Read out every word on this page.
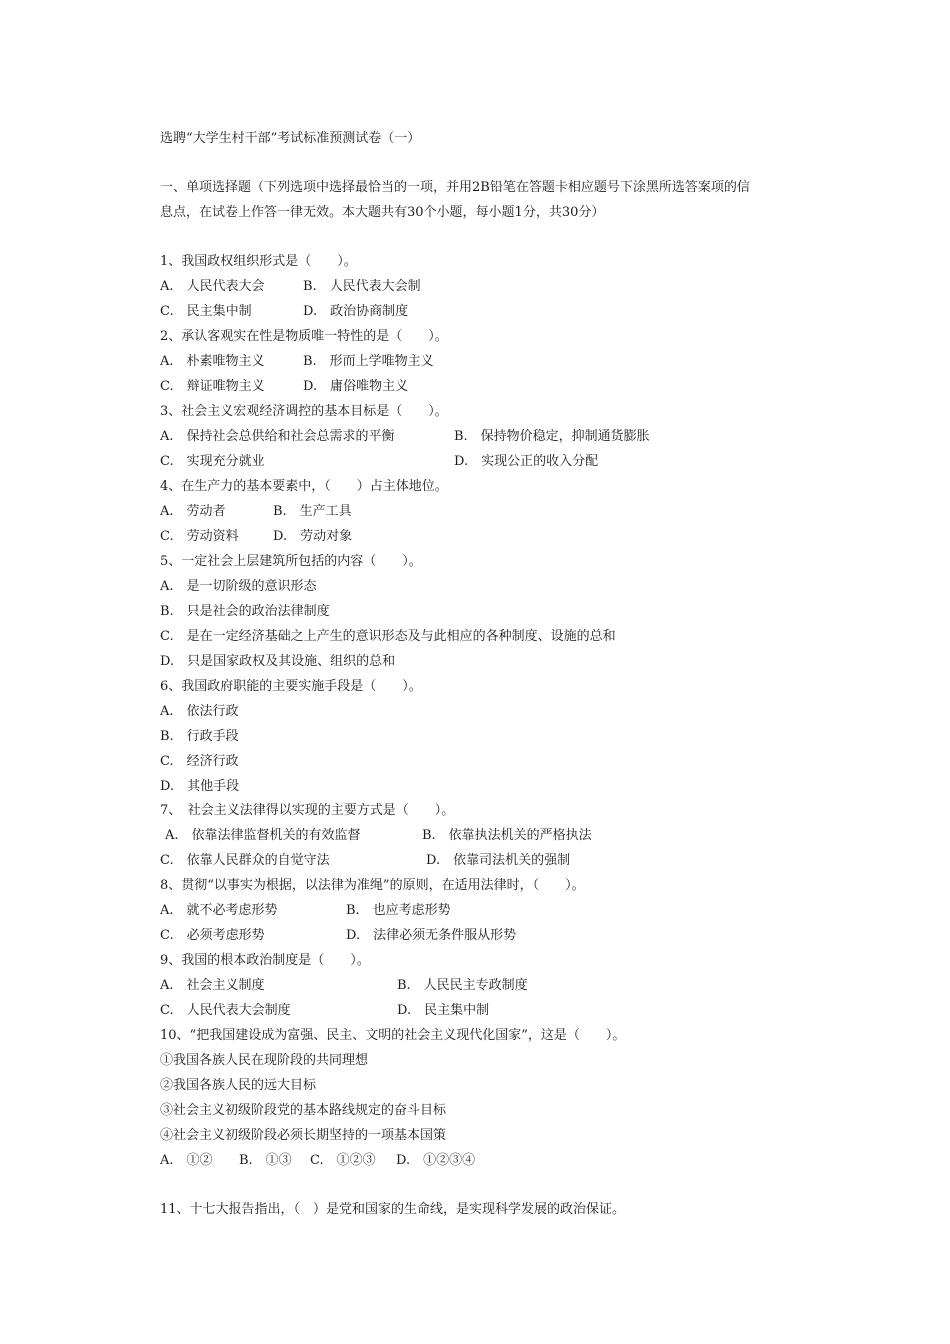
选聘“大学生村干部”考试标准预测试卷（一）
一、单项选择题（下列选项中选择最恰当的一项，并用2B铅笔在答题卡相应题号下涂黑所选答案项的信
息点，在试卷上作答一律无效。本大题共有30个小题，每小题1分，共30分）
1、我国政权组织形式是（　　）。
A.　人民代表大会	B.　人民代表大会制
C.　民主集中制	D.　政治协商制度
2、承认客观实在性是物质唯一特性的是（　　）。
A.　朴素唯物主义	B.　形而上学唯物主义
C.　辩证唯物主义	D.　庸俗唯物主义
3、社会主义宏观经济调控的基本目标是（　　）。
A.　保持社会总供给和社会总需求的平衡	B.　保持物价稳定，抑制通货膨胀
C.　实现充分就业	D.　实现公正的收入分配
4、在生产力的基本要素中，（　　）占主体地位。
A.　劳动者	B.　生产工具
C.　劳动资料	D.　劳动对象
5、一定社会上层建筑所包括的内容（　　）。
A.　是一切阶级的意识形态
B.　只是社会的政治法律制度
C.　是在一定经济基础之上产生的意识形态及与此相应的各种制度、设施的总和
D.　只是国家政权及其设施、组织的总和
6、我国政府职能的主要实施手段是（　　）。
A.　依法行政
B.　行政手段
C.　经济行政
D.　其他手段
7、　社会主义法律得以实现的主要方式是（　　）。
A.　依靠法律监督机关的有效监督	B.　依靠执法机关的严格执法
C.　依靠人民群众的自觉守法	D.　依靠司法机关的强制
8、贯彻“以事实为根据，以法律为准绳”的原则，在适用法律时，（　　）。
A.　就不必考虑形势	B.　也应考虑形势
C.　必须考虑形势	D.　法律必须无条件服从形势
9、我国的根本政治制度是（　　）。
A.　社会主义制度	B.　人民民主专政制度
C.　人民代表大会制度	D.　民主集中制
10、“把我国建设成为富强、民主、文明的社会主义现代化国家”，这是（　　）。
①我国各族人民在现阶段的共同理想
②我国各族人民的远大目标
③社会主义初级阶段党的基本路线规定的奋斗目标
④社会主义初级阶段必须长期坚持的一项基本国策
A.　①② B.　①③ C.　①②③ D.　①②③④
11、十七大报告指出，（　）是党和国家的生命线，是实现科学发展的政治保证。
